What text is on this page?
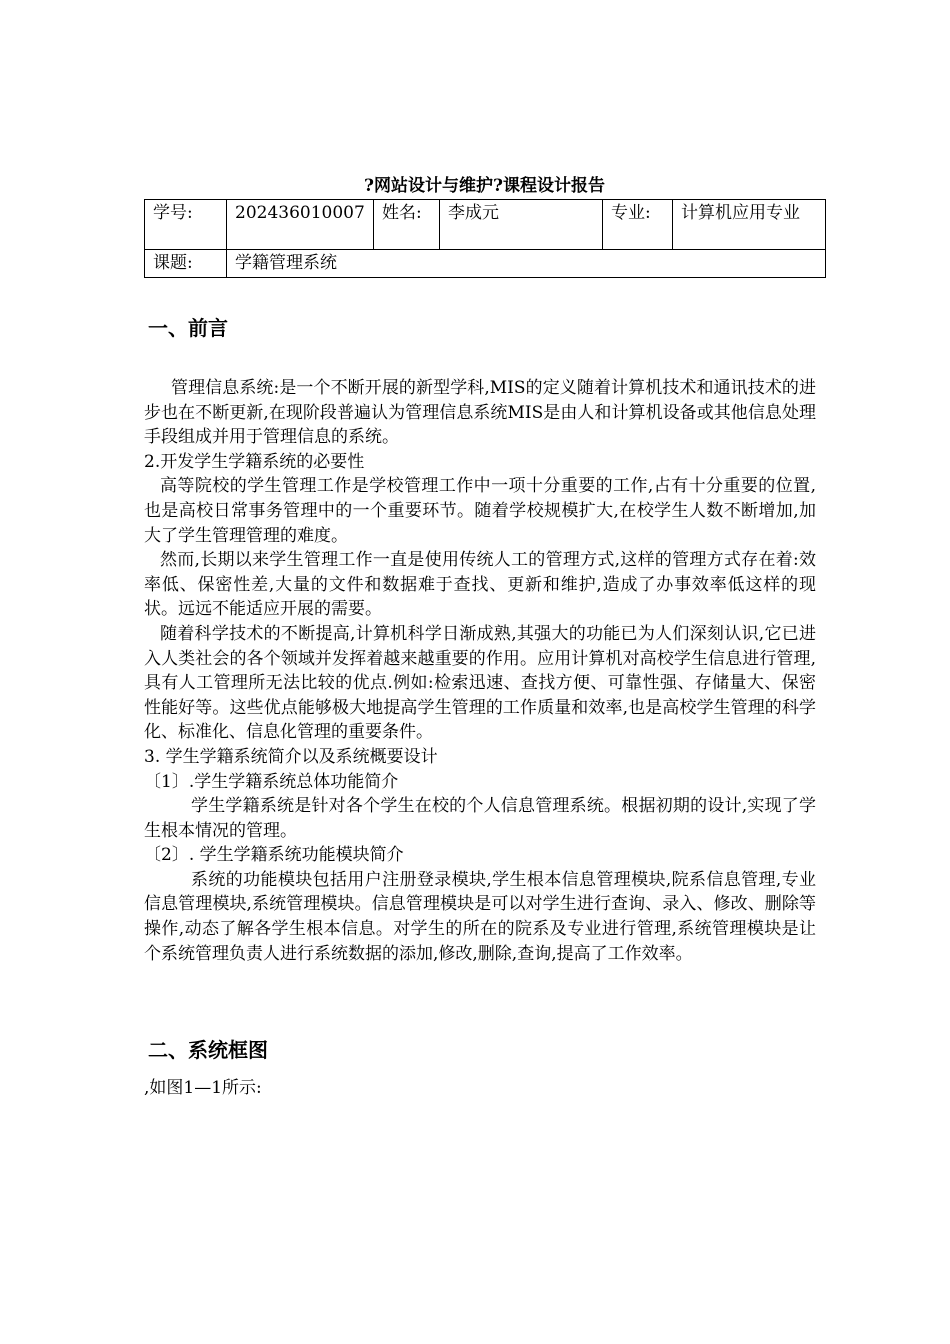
?网站设计与维护?课程设计报告
学号:	202436010007	姓名:	李成元	专业:	计算机应用专业
课题:	学籍管理系统				
一、前言

管理信息系统:是一个不断开展的新型学科,MIS的定义随着计算机技术和通讯技术的进步也在不断更新,在现阶段普遍认为管理信息系统MIS是由人和计算机设备或其他信息处理手段组成并用于管理信息的系统。

2.开发学生学籍系统的必要性

高等院校的学生管理工作是学校管理工作中一项十分重要的工作,占有十分重要的位置,也是高校日常事务管理中的一个重要环节。随着学校规模扩大,在校学生人数不断增加,加大了学生管理管理的难度。

然而,长期以来学生管理工作一直是使用传统人工的管理方式,这样的管理方式存在着:效率低、保密性差,大量的文件和数据难于查找、更新和维护,造成了办事效率低这样的现状。远远不能适应开展的需要。

随着科学技术的不断提高,计算机科学日渐成熟,其强大的功能已为人们深刻认识,它已进入人类社会的各个领域并发挥着越来越重要的作用。应用计算机对高校学生信息进行管理,具有人工管理所无法比较的优点.例如:检索迅速、查找方便、可靠性强、存储量大、保密性能好等。这些优点能够极大地提高学生管理的工作质量和效率,也是高校学生管理的科学化、标准化、信息化管理的重要条件。

3. 学生学籍系统简介以及系统概要设计

〔1〕.学生学籍系统总体功能简介

学生学籍系统是针对各个学生在校的个人信息管理系统。根据初期的设计,实现了学生根本情况的管理。

〔2〕. 学生学籍系统功能模块简介

系统的功能模块包括用户注册登录模块,学生根本信息管理模块,院系信息管理,专业信息管理模块,系统管理模块。信息管理模块是可以对学生进行查询、录入、修改、删除等操作,动态了解各学生根本信息。对学生的所在的院系及专业进行管理,系统管理模块是让个系统管理负责人进行系统数据的添加,修改,删除,查询,提高了工作效率。

二、系统框图

,如图1—1所示:
